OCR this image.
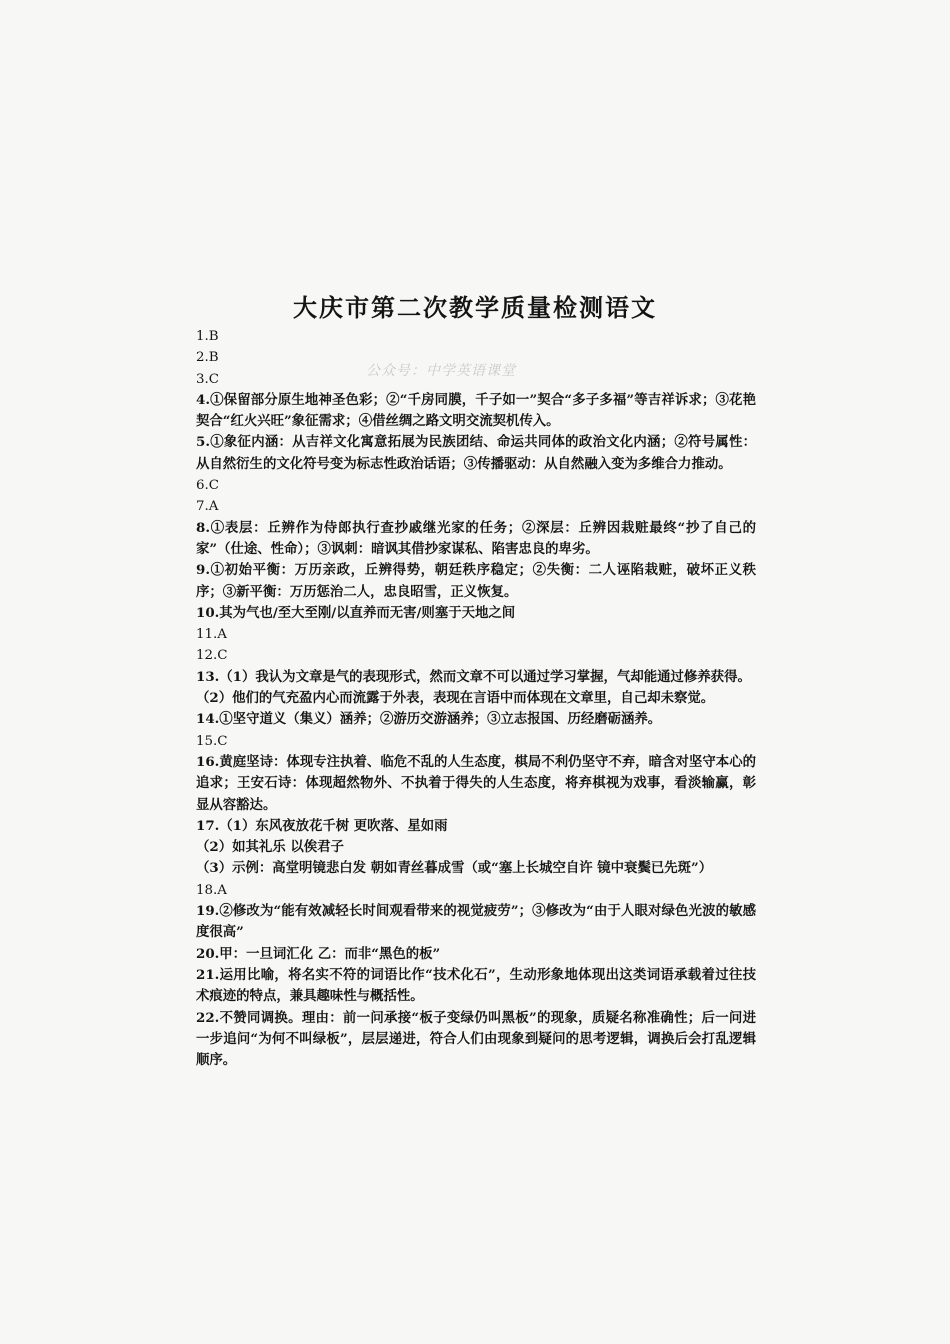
大庆市第二次教学质量检测语文
公众号：中学英语课堂

1.B

2.B

3.C

4.①保留部分原生地神圣色彩；②“千房同膜，千子如一”契合“多子多福”等吉祥诉求；③花艳契合“红火兴旺”象征需求；④借丝绸之路文明交流契机传入。

5.①象征内涵：从吉祥文化寓意拓展为民族团结、命运共同体的政治文化内涵；②符号属性：从自然衍生的文化符号变为标志性政治话语；③传播驱动：从自然融入变为多维合力推动。

6.C

7.A

8.①表层：丘辨作为侍郎执行查抄戚继光家的任务；②深层：丘辨因栽赃最终“抄了自己的家”（仕途、性命）；③讽刺：暗讽其借抄家谋私、陷害忠良的卑劣。

9.①初始平衡：万历亲政，丘辨得势，朝廷秩序稳定；②失衡：二人诬陷栽赃，破坏正义秩序；③新平衡：万历惩治二人，忠良昭雪，正义恢复。

10.其为气也/至大至刚/以直养而无害/则塞于天地之间

11.A

12.C

13.（1）我认为文章是气的表现形式，然而文章不可以通过学习掌握，气却能通过修养获得。

（2）他们的气充盈内心而流露于外表，表现在言语中而体现在文章里，自己却未察觉。

14.①坚守道义（集义）涵养；②游历交游涵养；③立志报国、历经磨砺涵养。

15.C

16.黄庭坚诗：体现专注执着、临危不乱的人生态度，棋局不利仍坚守不弃，暗含对坚守本心的追求；王安石诗：体现超然物外、不执着于得失的人生态度，将弃棋视为戏事，看淡输赢，彰显从容豁达。

17.（1）东风夜放花千树 更吹落、星如雨

（2）如其礼乐 以俟君子

（3）示例：高堂明镜悲白发 朝如青丝暮成雪（或“塞上长城空自许 镜中衰鬓已先斑”）

18.A

19.②修改为“能有效减轻长时间观看带来的视觉疲劳”；③修改为“由于人眼对绿色光波的敏感度很高”

20.甲：一旦词汇化 乙：而非“黑色的板”

21.运用比喻，将名实不符的词语比作“技术化石”，生动形象地体现出这类词语承载着过往技术痕迹的特点，兼具趣味性与概括性。

22.不赞同调换。理由：前一问承接“板子变绿仍叫黑板”的现象，质疑名称准确性；后一问进一步追问“为何不叫绿板”，层层递进，符合人们由现象到疑问的思考逻辑，调换后会打乱逻辑顺序。
